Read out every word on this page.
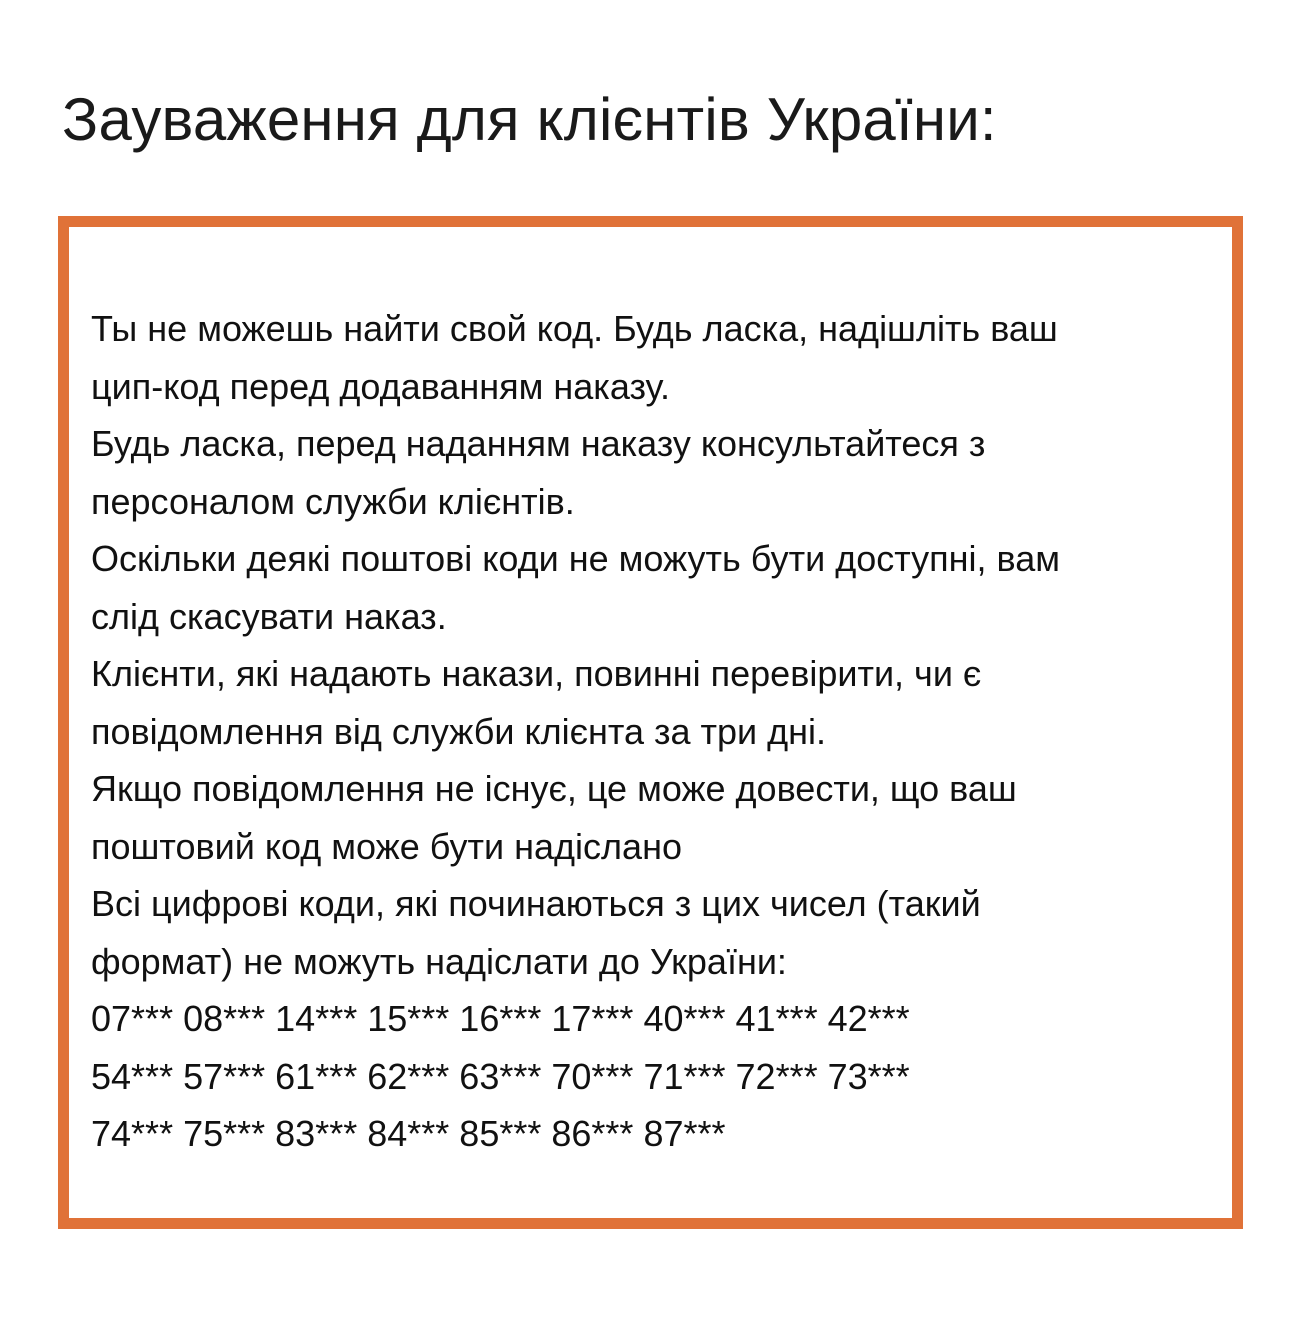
Зауваження для клієнтів України:
Ты не можешь найти свой код. Будь ласка, надішліть ваш
цип-код перед додаванням наказу.
Будь ласка, перед наданням наказу консультайтеся з
персоналом служби клієнтів.
Оскільки деякі поштові коди не можуть бути доступні, вам
слід скасувати наказ.
Клієнти, які надають накази, повинні перевірити, чи є
повідомлення від служби клієнта за три дні.
Якщо повідомлення не існує, це може довести, що ваш
поштовий код може бути надіслано
Всі цифрові коди, які починаються з цих чисел (такий
формат) не можуть надіслати до України:
07*** 08*** 14*** 15*** 16*** 17*** 40*** 41*** 42***
54*** 57*** 61*** 62*** 63*** 70*** 71*** 72*** 73***
74*** 75*** 83*** 84*** 85*** 86*** 87***
